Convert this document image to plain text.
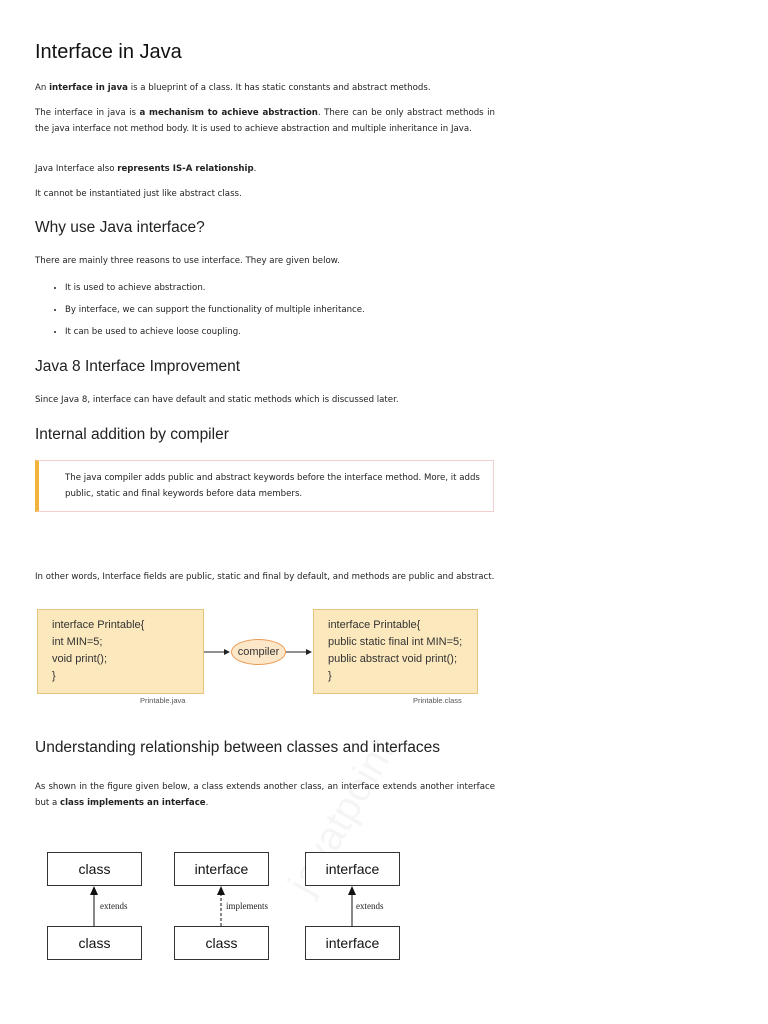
Interface in Java
An interface in java is a blueprint of a class. It has static constants and abstract methods.
The interface in java is a mechanism to achieve abstraction. There can be only abstract methods in the java interface not method body. It is used to achieve abstraction and multiple inheritance in Java.
Java Interface also represents IS-A relationship.
It cannot be instantiated just like abstract class.
Why use Java interface?
There are mainly three reasons to use interface. They are given below.
• It is used to achieve abstraction.
• By interface, we can support the functionality of multiple inheritance.
• It can be used to achieve loose coupling.
Java 8 Interface Improvement
Since Java 8, interface can have default and static methods which is discussed later.
Internal addition by compiler

The java compiler adds public and abstract keywords before the interface method. More, it adds public, static and final keywords before data members.

In other words, Interface fields are public, static and final by default, and methods are public and abstract.
interface Printable{
int MIN=5;
void print();
}
Printable.java
compiler
interface Printable{
public static final int MIN=5;
public abstract void print();
}
Printable.class
Understanding relationship between classes and interfaces
As shown in the figure given below, a class extends another class, an interface extends another interface but a class implements an interface.
class
class
interface
class
interface
interface
extends	implements	extends
